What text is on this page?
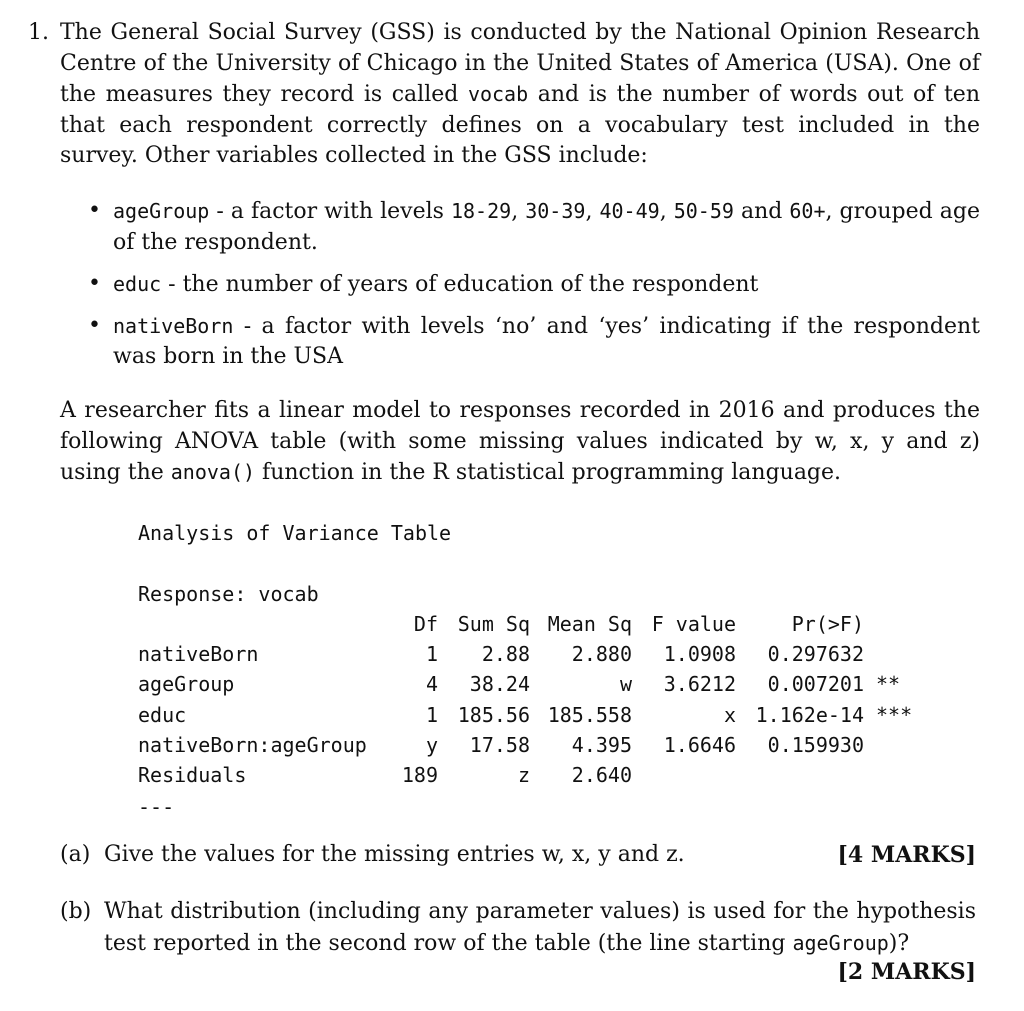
1. The General Social Survey (GSS) is conducted by the National Opinion Research Centre of the University of Chicago in the United States of America (USA). One of the measures they record is called vocab and is the number of words out of ten that each respondent correctly defines on a vocabulary test included in the survey. Other variables collected in the GSS include:
• ageGroup - a factor with levels 18-29, 30-39, 40-49, 50-59 and 60+, grouped age of the respondent.
• educ - the number of years of education of the respondent
• nativeBorn - a factor with levels ‘no’ and ‘yes’ indicating if the respondent was born in the USA
A researcher fits a linear model to responses recorded in 2016 and produces the following ANOVA table (with some missing values indicated by w, x, y and z) using the anova() function in the R statistical programming language.
Analysis of Variance Table
Response: vocab
	Df	Sum Sq	Mean Sq	F value	Pr(>F)	
nativeBorn	1	2.88	2.880	1.0908	0.297632	
ageGroup	4	38.24	w	3.6212	0.007201	**
educ	1	185.56	185.558	x	1.162e-14	***
nativeBorn:ageGroup	y	17.58	4.395	1.6646	0.159930	
Residuals	189	z	2.640			
---
(a) Give the values for the missing entries w, x, y and z.	[4 MARKS]
(b) What distribution (including any parameter values) is used for the hypothesis test reported in the second row of the table (the line starting ageGroup)?
[2 MARKS]
